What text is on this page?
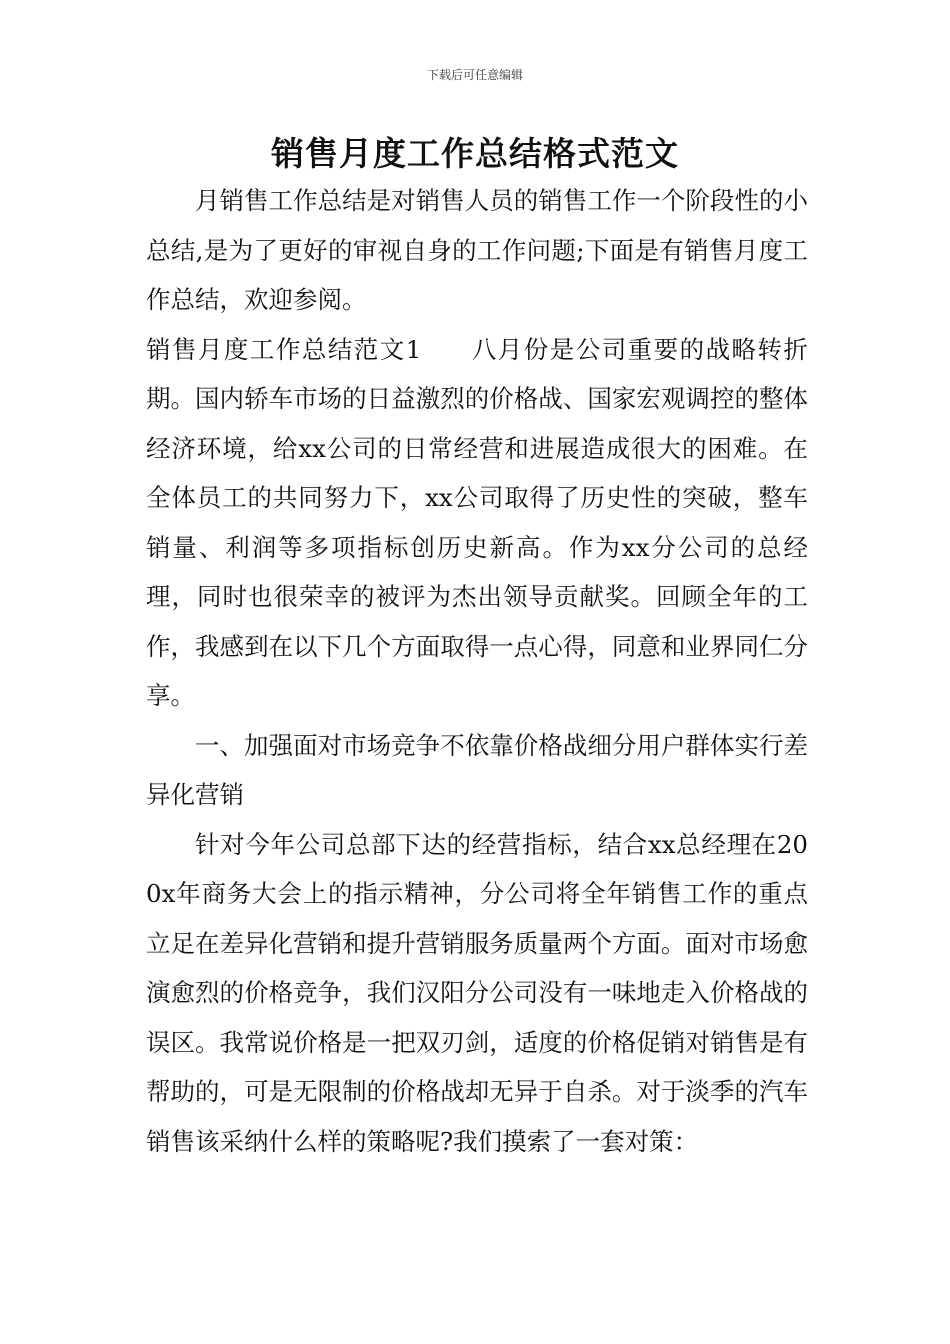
下载后可任意编辑
销售月度工作总结格式范文

月销售工作总结是对销售人员的销售工作一个阶段性的小总结,是为了更好的审视自身的工作问题;下面是有销售月度工作总结，欢迎参阅。

销售月度工作总结范文1 八月份是公司重要的战略转折期。国内轿车市场的日益激烈的价格战、国家宏观调控的整体经济环境，给xx公司的日常经营和进展造成很大的困难。在全体员工的共同努力下，xx公司取得了历史性的突破，整车销量、利润等多项指标创历史新高。作为xx分公司的总经理，同时也很荣幸的被评为杰出领导贡献奖。回顾全年的工作，我感到在以下几个方面取得一点心得，同意和业界同仁分享。

一、加强面对市场竞争不依靠价格战细分用户群体实行差异化营销

针对今年公司总部下达的经营指标，结合xx总经理在200x年商务大会上的指示精神，分公司将全年销售工作的重点立足在差异化营销和提升营销服务质量两个方面。面对市场愈演愈烈的价格竞争，我们汉阳分公司没有一味地走入价格战的误区。我常说价格是一把双刃剑，适度的价格促销对销售是有帮助的，可是无限制的价格战却无异于自杀。对于淡季的汽车销售该采纳什么样的策略呢?我们摸索了一套对策：
